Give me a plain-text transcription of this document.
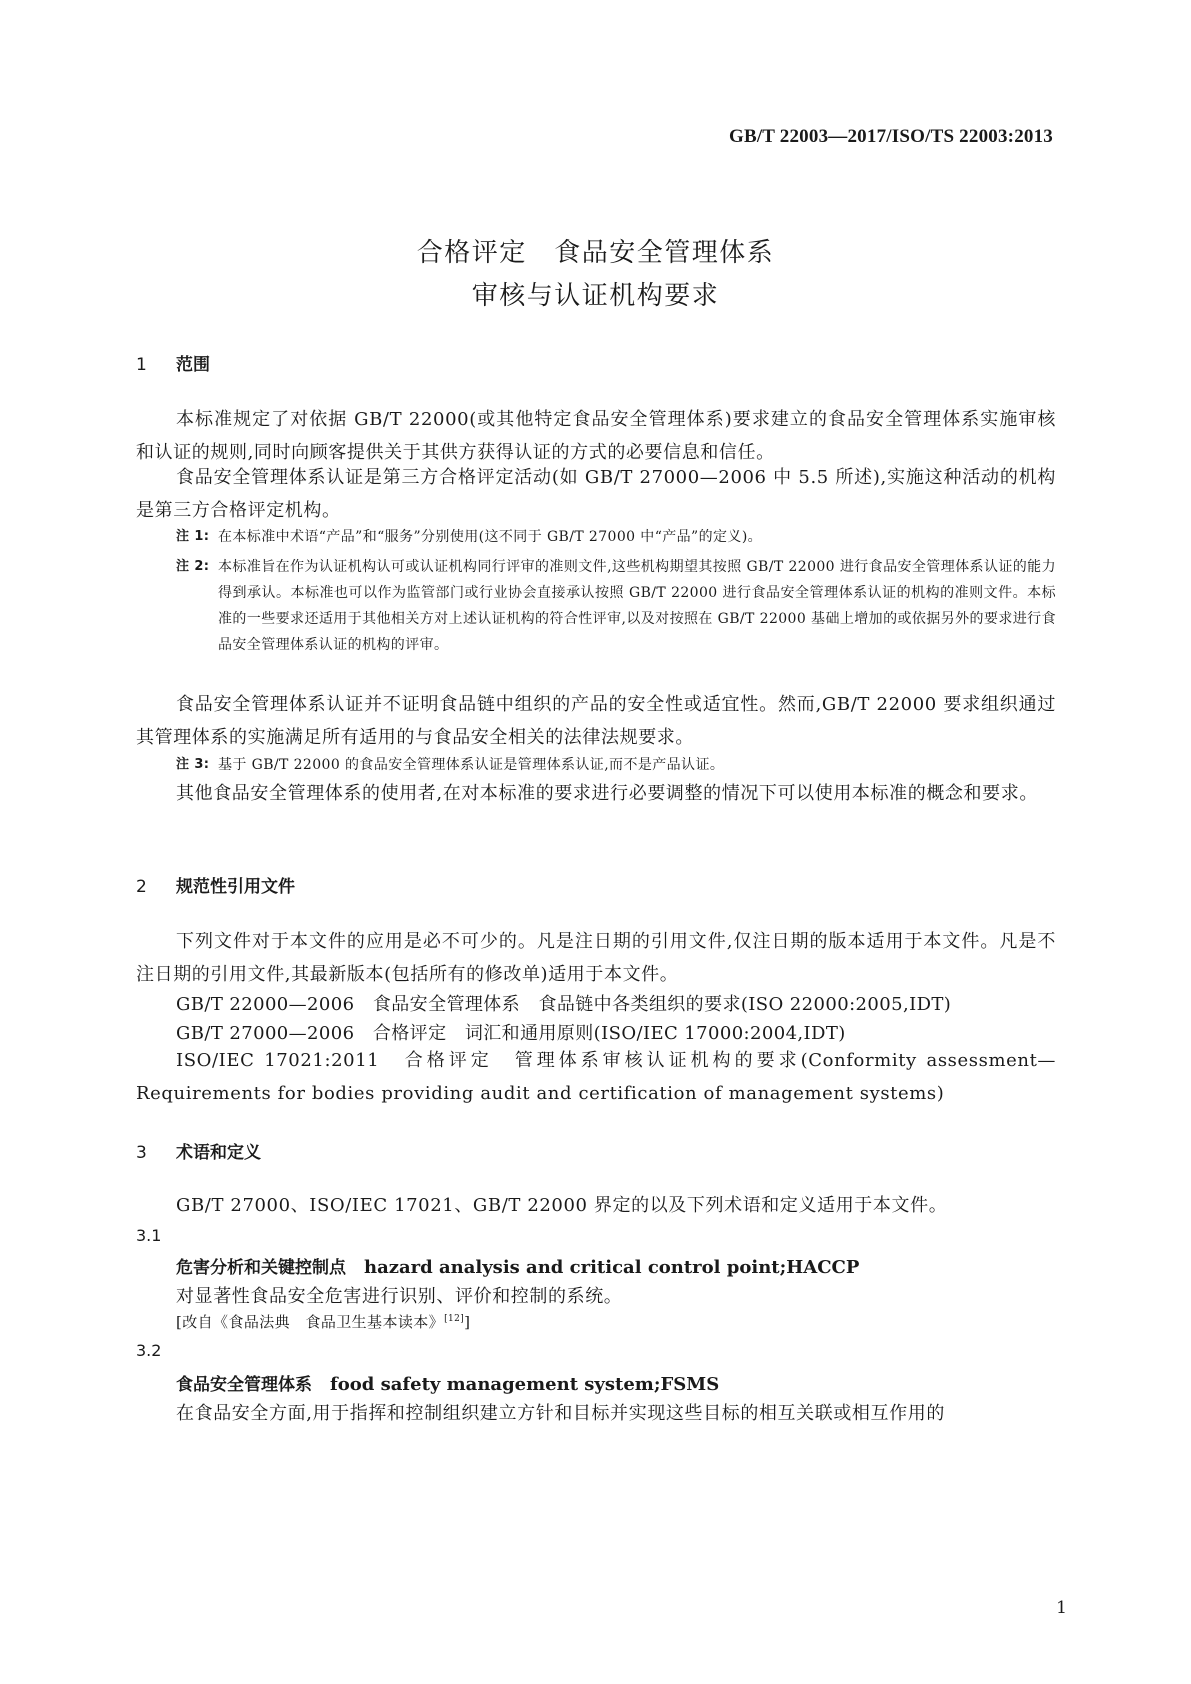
GB/T 22003—2017/ISO/TS 22003:2013
合格评定　食品安全管理体系
审核与认证机构要求
1 范围
本标准规定了对依据 GB/T 22000(或其他特定食品安全管理体系)要求建立的食品安全管理体系实施审核和认证的规则,同时向顾客提供关于其供方获得认证的方式的必要信息和信任。
食品安全管理体系认证是第三方合格评定活动(如 GB/T 27000—2006 中 5.5 所述),实施这种活动的机构是第三方合格评定机构。
注 1: 在本标准中术语“产品”和“服务”分别使用(这不同于 GB/T 27000 中“产品”的定义)。
注 2: 本标准旨在作为认证机构认可或认证机构同行评审的准则文件,这些机构期望其按照 GB/T 22000 进行食品安全管理体系认证的能力得到承认。本标准也可以作为监管部门或行业协会直接承认按照 GB/T 22000 进行食品安全管理体系认证的机构的准则文件。本标准的一些要求还适用于其他相关方对上述认证机构的符合性评审,以及对按照在 GB/T 22000 基础上增加的或依据另外的要求进行食品安全管理体系认证的机构的评审。
食品安全管理体系认证并不证明食品链中组织的产品的安全性或适宜性。然而,GB/T 22000 要求组织通过其管理体系的实施满足所有适用的与食品安全相关的法律法规要求。
注 3: 基于 GB/T 22000 的食品安全管理体系认证是管理体系认证,而不是产品认证。
其他食品安全管理体系的使用者,在对本标准的要求进行必要调整的情况下可以使用本标准的概念和要求。
2 规范性引用文件
下列文件对于本文件的应用是必不可少的。凡是注日期的引用文件,仅注日期的版本适用于本文件。凡是不注日期的引用文件,其最新版本(包括所有的修改单)适用于本文件。
GB/T 22000—2006　食品安全管理体系　食品链中各类组织的要求(ISO 22000:2005,IDT)
GB/T 27000—2006　合格评定　词汇和通用原则(ISO/IEC 17000:2004,IDT)
ISO/IEC 17021:2011　合格评定　管理体系审核认证机构的要求(Conformity assessment—Requirements for bodies providing audit and certification of management systems)
3 术语和定义
GB/T 27000、ISO/IEC 17021、GB/T 22000 界定的以及下列术语和定义适用于本文件。
3.1
危害分析和关键控制点　 hazard analysis and critical control point;HACCP
对显著性食品安全危害进行识别、评价和控制的系统。
[改自《食品法典　食品卫生基本读本》[12]]
3.2
食品安全管理体系　 food safety management system;FSMS
在食品安全方面,用于指挥和控制组织建立方针和目标并实现这些目标的相互关联或相互作用的
1
